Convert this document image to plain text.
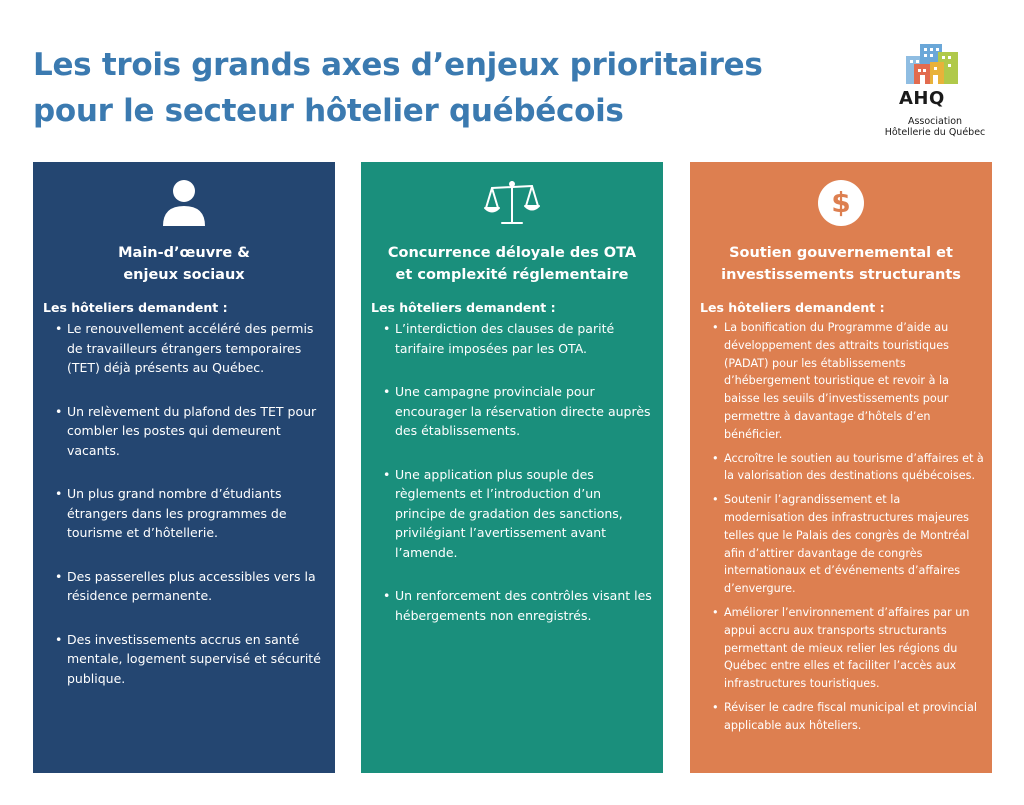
Les trois grands axes d’enjeux prioritaires
pour le secteur hôtelier québécois	AHQ
Association
Hôtellerie du Québec
Main-d’œuvre &
enjeux sociaux
Les hôteliers demandent :
• Le renouvellement accéléré des permis de travailleurs étrangers temporaires (TET) déjà présents au Québec.
• Un relèvement du plafond des TET pour combler les postes qui demeurent vacants.
• Un plus grand nombre d’étudiants étrangers dans les programmes de tourisme et d’hôtellerie.
• Des passerelles plus accessibles vers la résidence permanente.
• Des investissements accrus en santé mentale, logement supervisé et sécurité publique.
Concurrence déloyale des OTA
et complexité réglementaire
Les hôteliers demandent :
• L’interdiction des clauses de parité tarifaire imposées par les OTA.
• Une campagne provinciale pour encourager la réservation directe auprès des établissements.
• Une application plus souple des règlements et l’introduction d’un principe de gradation des sanctions, privilégiant l’avertissement avant l’amende.
• Un renforcement des contrôles visant les hébergements non enregistrés.
$
Soutien gouvernemental et
investissements structurants
Les hôteliers demandent :
• La bonification du Programme d’aide au développement des attraits touristiques (PADAT) pour les établissements d’hébergement touristique et revoir à la baisse les seuils d’investissements pour permettre à davantage d’hôtels d’en bénéficier.
• Accroître le soutien au tourisme d’affaires et à la valorisation des destinations québécoises.
• Soutenir l’agrandissement et la modernisation des infrastructures majeures telles que le Palais des congrès de Montréal afin d’attirer davantage de congrès internationaux et d’événements d’affaires d’envergure.
• Améliorer l’environnement d’affaires par un appui accru aux transports structurants permettant de mieux relier les régions du Québec entre elles et faciliter l’accès aux infrastructures touristiques.
• Réviser le cadre fiscal municipal et provincial applicable aux hôteliers.
